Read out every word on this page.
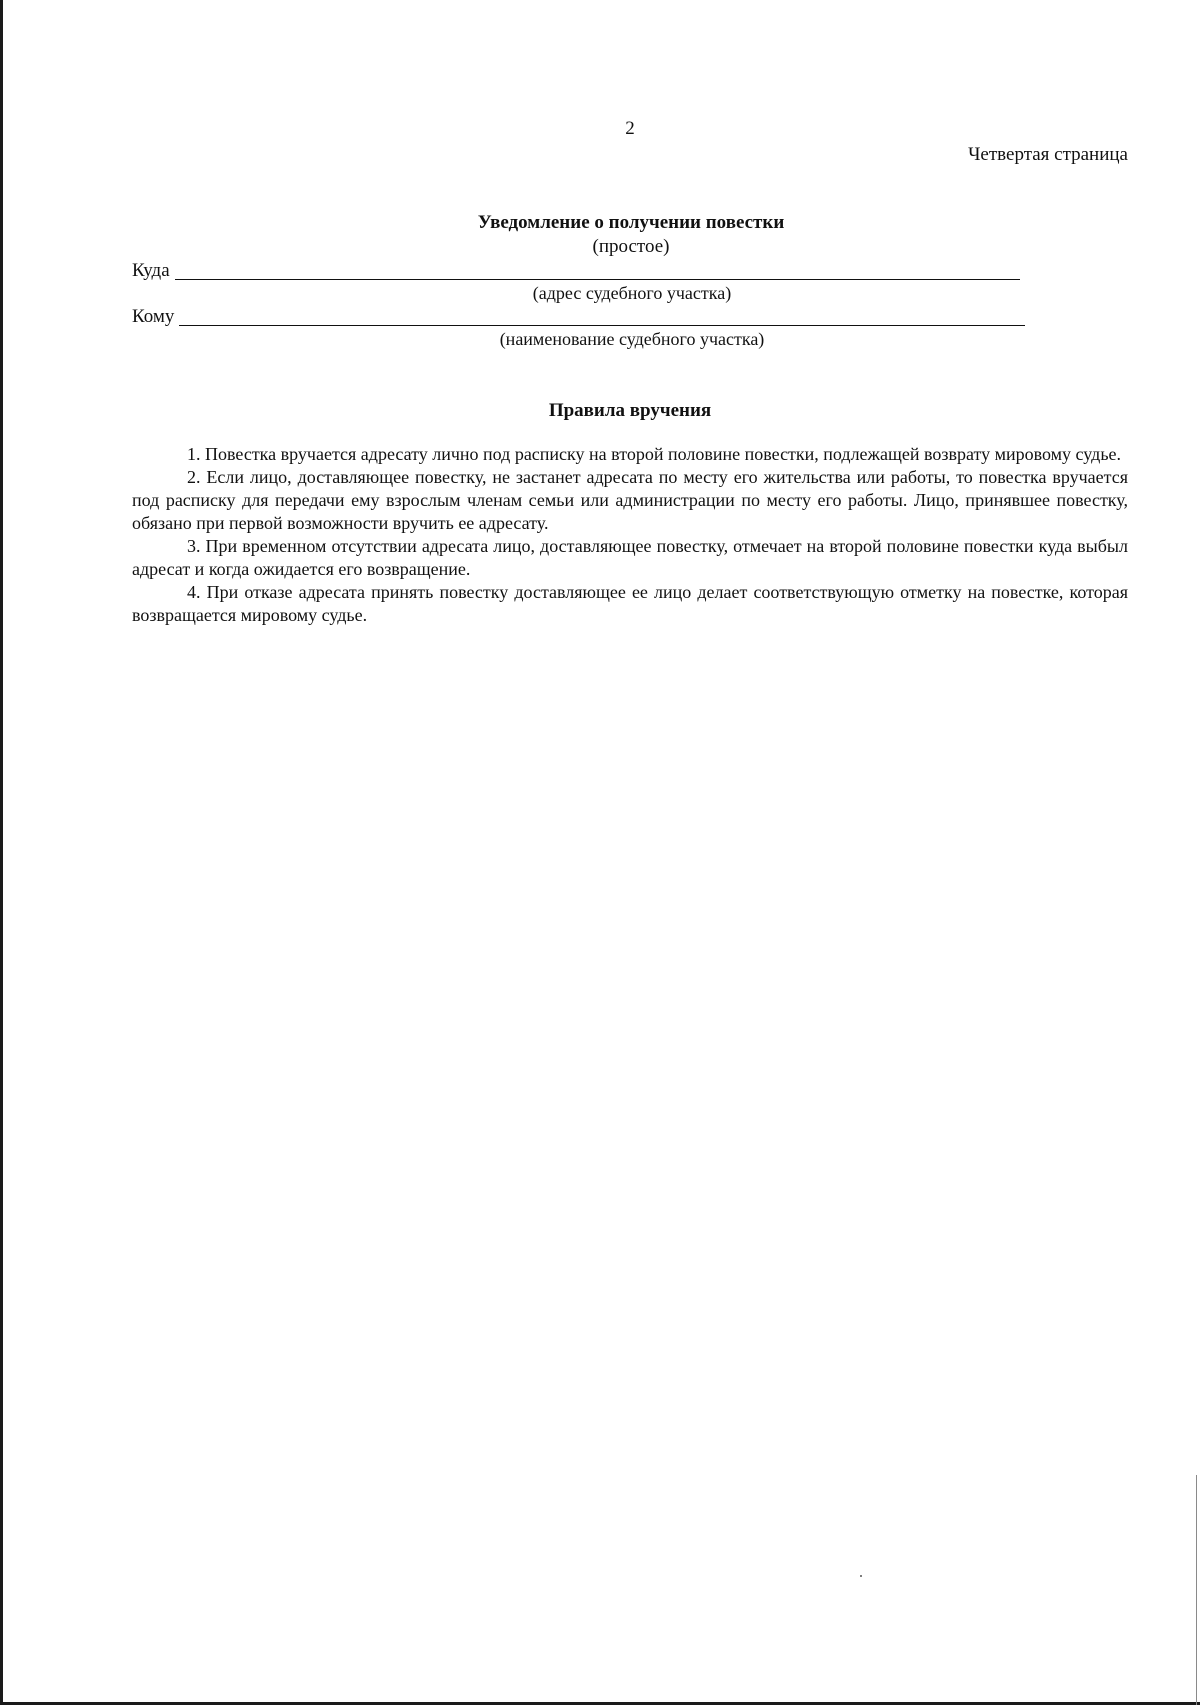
2
Четвертая страница
Уведомление о получении повестки
(простое)
Куда
(адрес судебного участка)
Кому
(наименование судебного участка)
Правила вручения

1. Повестка вручается адресату лично под расписку на второй половине повестки, подлежащей возврату мировому судье.

2. Если лицо, доставляющее повестку, не застанет адресата по месту его жительства или работы, то повестка вручается под расписку для передачи ему взрослым членам семьи или администрации по месту его работы. Лицо, принявшее повестку, обязано при первой возможности вручить ее адресату.

3. При временном отсутствии адресата лицо, доставляющее повестку, отмечает на второй половине повестки куда выбыл адресат и когда ожидается его возвращение.

4. При отказе адресата принять повестку доставляющее ее лицо делает соответствующую отметку на повестке, которая возвращается мировому судье.
